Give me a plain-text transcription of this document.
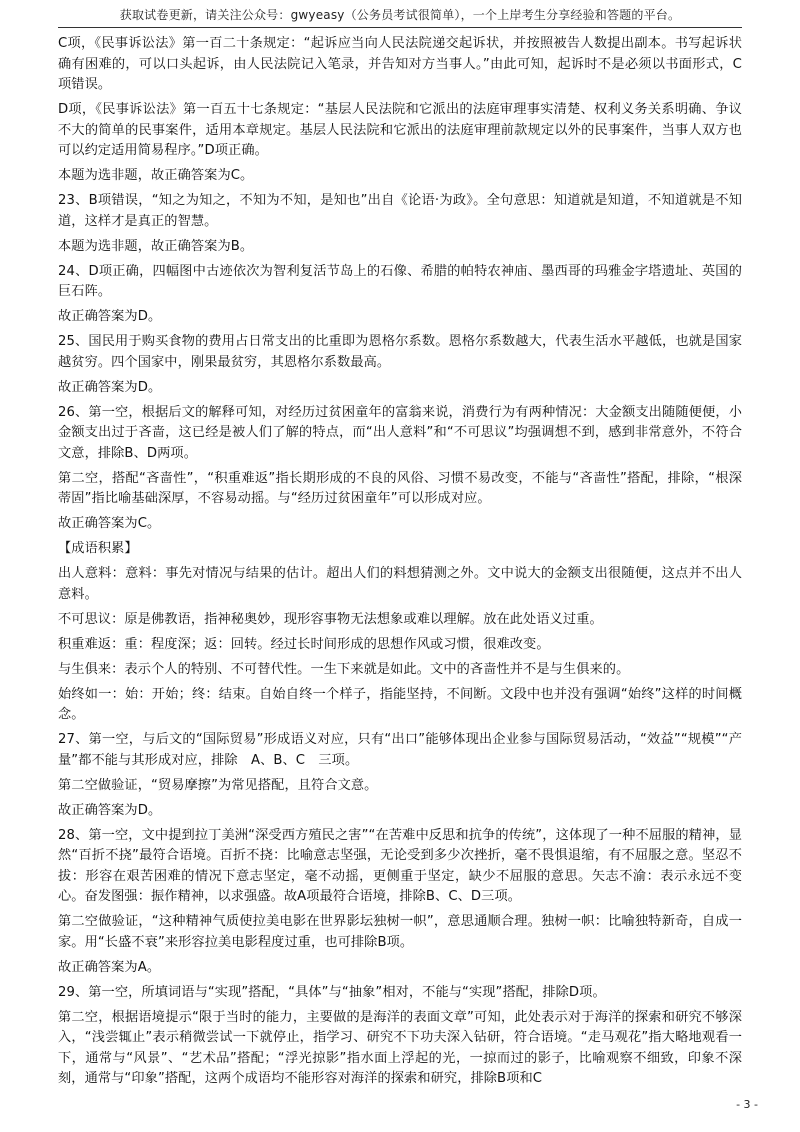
获取试卷更新，请关注公众号：gwyeasy（公务员考试很简单），一个上岸考生分享经验和答题的平台。

C项，《民事诉讼法》第一百二十条规定：“起诉应当向人民法院递交起诉状，并按照被告人数提出副本。书写起诉状确有困难的，可以口头起诉，由人民法院记入笔录，并告知对方当事人。”由此可知，起诉时不是必须以书面形式，C项错误。

D项，《民事诉讼法》第一百五十七条规定：“基层人民法院和它派出的法庭审理事实清楚、权利义务关系明确、争议不大的简单的民事案件，适用本章规定。基层人民法院和它派出的法庭审理前款规定以外的民事案件，当事人双方也可以约定适用简易程序。”D项正确。

本题为选非题，故正确答案为C。

23、B项错误，“知之为知之，不知为不知，是知也”出自《论语·为政》。全句意思：知道就是知道，不知道就是不知道，这样才是真正的智慧。

本题为选非题，故正确答案为B。

24、D项正确，四幅图中古迹依次为智利复活节岛上的石像、希腊的帕特农神庙、墨西哥的玛雅金字塔遗址、英国的巨石阵。

故正确答案为D。

25、国民用于购买食物的费用占日常支出的比重即为恩格尔系数。恩格尔系数越大，代表生活水平越低，也就是国家越贫穷。四个国家中，刚果最贫穷，其恩格尔系数最高。

故正确答案为D。

26、第一空，根据后文的解释可知，对经历过贫困童年的富翁来说，消费行为有两种情况：大金额支出随随便便，小金额支出过于吝啬，这已经是被人们了解的特点，而“出人意料”和“不可思议”均强调想不到，感到非常意外，不符合文意，排除B、D两项。

第二空，搭配“吝啬性”，“积重难返”指长期形成的不良的风俗、习惯不易改变，不能与“吝啬性”搭配，排除，“根深蒂固”指比喻基础深厚，不容易动摇。与“经历过贫困童年”可以形成对应。

故正确答案为C。

【成语积累】

出人意料：意料：事先对情况与结果的估计。超出人们的料想猜测之外。文中说大的金额支出很随便，这点并不出人意料。

不可思议：原是佛教语，指神秘奥妙，现形容事物无法想象或难以理解。放在此处语义过重。

积重难返：重：程度深；返：回转。经过长时间形成的思想作风或习惯，很难改变。

与生俱来：表示个人的特别、不可替代性。一生下来就是如此。文中的吝啬性并不是与生俱来的。

始终如一：始：开始；终：结束。自始自终一个样子，指能坚持，不间断。文段中也并没有强调“始终”这样的时间概念。

27、第一空，与后文的“国际贸易”形成语义对应，只有“出口”能够体现出企业参与国际贸易活动，“效益”“规模”“产量”都不能与其形成对应，排除　A、B、C　三项。

第二空做验证，“贸易摩擦”为常见搭配，且符合文意。

故正确答案为D。

28、第一空，文中提到拉丁美洲“深受西方殖民之害”“在苦难中反思和抗争的传统”，这体现了一种不屈服的精神，显然“百折不挠”最符合语境。百折不挠：比喻意志坚强，无论受到多少次挫折，毫不畏惧退缩，有不屈服之意。坚忍不拔：形容在艰苦困难的情况下意志坚定，毫不动摇，更侧重于坚定，缺少不屈服的意思。矢志不渝：表示永远不变心。奋发图强：振作精神，以求强盛。故A项最符合语境，排除B、C、D三项。

第二空做验证，“这种精神气质使拉美电影在世界影坛独树一帜”，意思通顺合理。独树一帜：比喻独特新奇，自成一家。用“长盛不衰”来形容拉美电影程度过重，也可排除B项。

故正确答案为A。

29、第一空，所填词语与“实现”搭配，“具体”与“抽象”相对，不能与“实现”搭配，排除D项。

第二空，根据语境提示“限于当时的能力，主要做的是海洋的表面文章”可知，此处表示对于海洋的探索和研究不够深入，“浅尝辄止”表示稍微尝试一下就停止，指学习、研究不下功夫深入钻研，符合语境。“走马观花”指大略地观看一下，通常与“风景”、“艺术品”搭配；“浮光掠影”指水面上浮起的光，一掠而过的影子，比喻观察不细致，印象不深刻，通常与“印象”搭配，这两个成语均不能形容对海洋的探索和研究，排除B项和C

- 3 -
